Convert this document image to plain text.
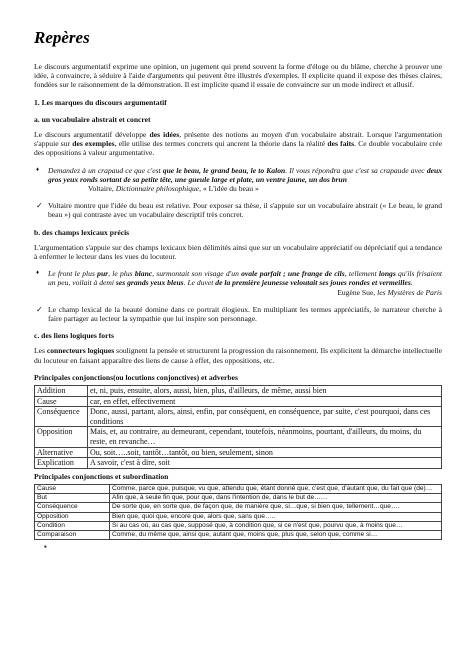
Repères

Le discours argumentatif exprime une opinion, un jugement qui prend souvent la forme d'éloge ou du blâme, cherche à prouver une idée, à convaincre, à séduire à l'aide d'arguments qui peuvent être illustrés d'exemples. Il explicite quand il expose des thèses claires, fondées sur le raisonnement de la démonstration. Il est implicite quand il essaie de convaincre sur un mode indirect et allusif.

1. Les marques du discours argumentatif
a. un vocabulaire abstrait et concret

Le discours argumentatif développe des idées, présente des notions au moyen d'un vocabulaire abstrait. Lorsque l'argumentation s'appuie sur des exemples, elle utilise des termes concrets qui ancrent la théorie dans la réalité des faits. Ce double vocabulaire crée des oppositions à valeur argumentative.

♦ Demandez à un crapaud ce que c'est que le beau, le grand beau, le to Kalon. Il vous répondra que c'est sa crapaude avec deux gros yeux ronds sortant de sa petite tête, une gueule large et plate, un ventre jaune, un dos brun
Voltaire, Dictionnaire philosophique, « L'idée du beau »
✓ Voltaire montre que l'idée du beau est relative. Pour exposer sa thèse, il s'appuie sur un vocabulaire abstrait (« Le beau, le grand beau ») qui contraste avec un vocabulaire descriptif très concret.
b. des champs lexicaux précis

L'argumentation s'appuie sur des champs lexicaux bien délimités ainsi que sur un vocabulaire appréciatif ou dépréciatif qui a tendance à enfermer le lecteur dans les vues du locuteur.

♦ Le front le plus pur, le plus blanc, surmontait son visage d'un ovale parfait ; une frange de cils, tellement longs qu'ils frisaient un peu, voilait à demi ses grands yeux bleus. Le duvet de la première jeunesse veloutait ses joues rondes et vermeilles.
Eugène Sue, les Mystères de Paris
✓ Le champ lexical de la beauté domine dans ce portrait élogieux. En multipliant les termes appréciatifs, le narrateur cherche à faire partager au lecteur la sympathie que lui inspire son personnage.
c. des liens logiques forts

Les connecteurs logiques soulignent la pensée et structurent la progression du raisonnement. Ils explicitent la démarche intellectuelle du locuteur en faisant apparaître des liens de cause à effet, des oppositions, etc.

Principales conjonctions(ou locutions conjonctives) et adverbes
Addition	et, ni, puis, ensuite, alors, aussi, bien, plus, d'ailleurs, de même, aussi bien
Cause	car, en effet, effectivement
Conséquence	Donc, aussi, partant, alors, ainsi, enfin, par conséquent, en conséquence, par suite, c'est pourquoi, dans ces conditions
Opposition	Mais, et, au contraire, au demeurant, cependant, toutefois, néanmoins, pourtant, d'ailleurs, du moins, du reste, en revanche…
Alternative	Ou, soit…..soit, tantôt…tantôt, ou bien, seulement, sinon
Explication	A savoir, c'est à dire, soit
Principales conjonctions et subordination
Cause	Comme, parce que, puisque, vu que, attendu que, étant donné que, c'est que, d'autant que, du fait que (de)…
But	Afin que, à seule fin que, pour que, dans l'intention de, dans le but de……
Conséquence	De sorte que, en sorte que, de façon que, de manière que, si…que, si bien que, tellement…que….
Opposition	Bien que, quoi que, encore que, alors que, sans que…..
Condition	Si au cas où, au cas que, supposé que, à condition que, si ce n'est que, pourvu que, à moins que…
Comparaison	Comme, du même que, ainsi que, autant que, moins que, plus que, selon que, comme si…
▪
